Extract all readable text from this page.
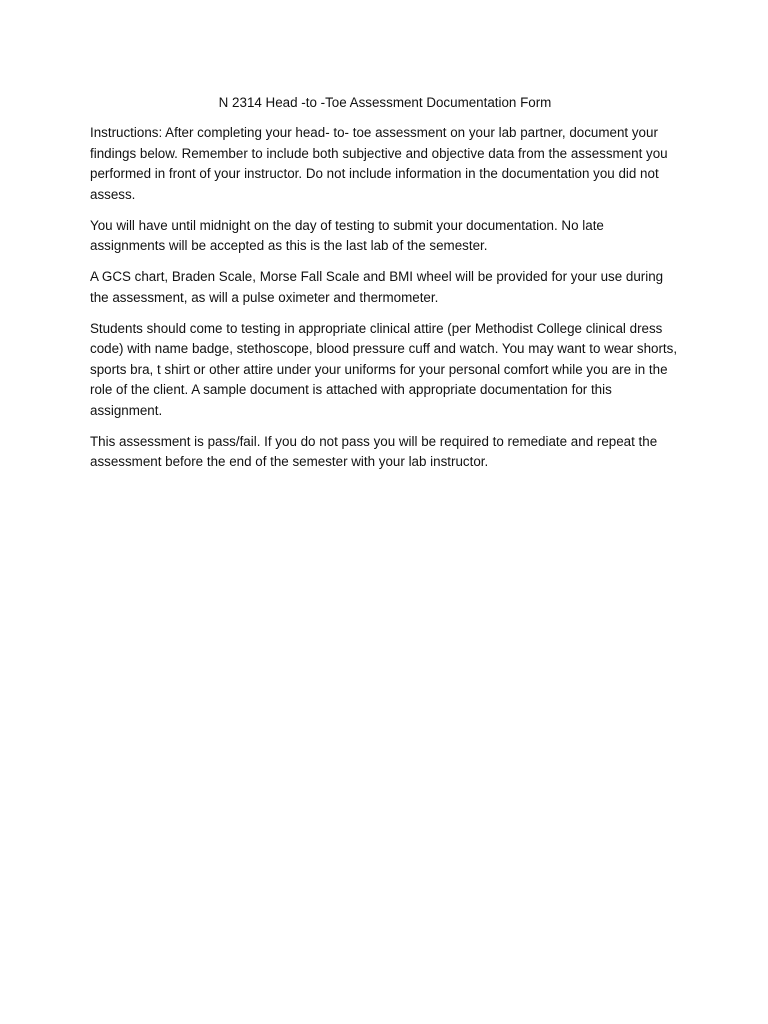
N 2314 Head -to -Toe Assessment Documentation Form

Instructions: After completing your head- to- toe assessment on your lab partner, document your findings below. Remember to include both subjective and objective data from the assessment you performed in front of your instructor. Do not include information in the documentation you did not assess.

You will have until midnight on the day of testing to submit your documentation. No late assignments will be accepted as this is the last lab of the semester.

A GCS chart, Braden Scale, Morse Fall Scale and BMI wheel will be provided for your use during the assessment, as will a pulse oximeter and thermometer.

Students should come to testing in appropriate clinical attire (per Methodist College clinical dress code) with name badge, stethoscope, blood pressure cuff and watch. You may want to wear shorts, sports bra, t shirt or other attire under your uniforms for your personal comfort while you are in the role of the client. A sample document is attached with appropriate documentation for this assignment.

This assessment is pass/fail. If you do not pass you will be required to remediate and repeat the assessment before the end of the semester with your lab instructor.
